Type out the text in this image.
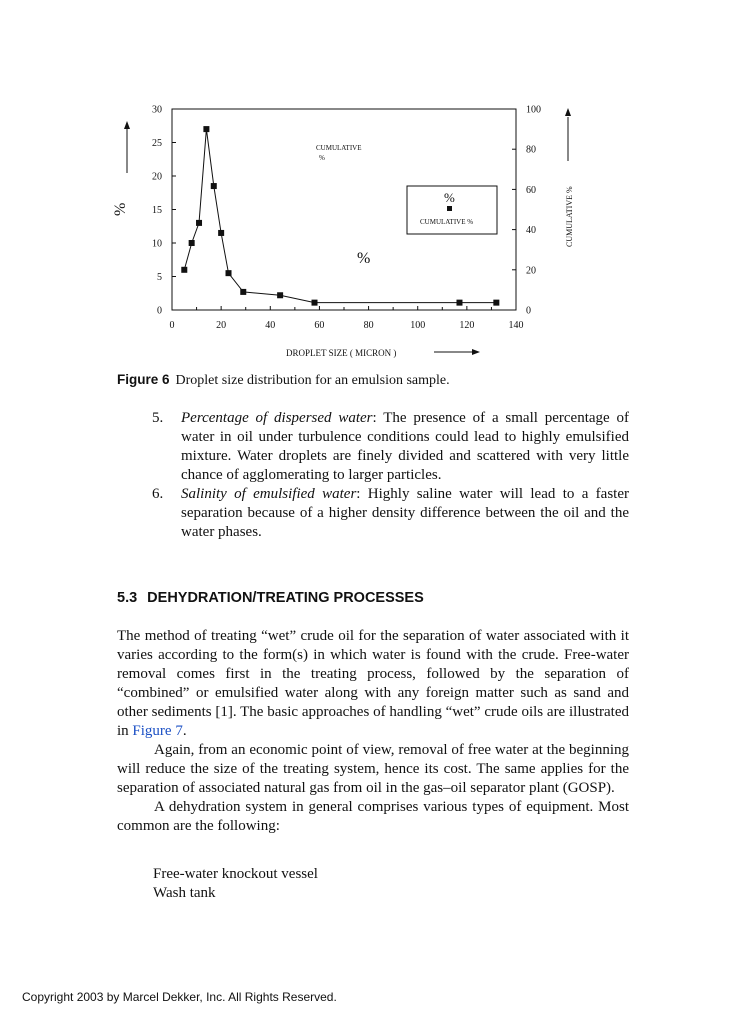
0	20	40	60	80	100	120	140
0
5
10
15
20
25
30
0
20
40
60
80
100
CUMULATIVE
%
%
%
CUMULATIVE %
%	CUMULATIVE %
DROPLET SIZE ( MICRON )
Figure 6 Droplet size distribution for an emulsion sample.
5. Percentage of dispersed water: The presence of a small percentage of water in oil under turbulence conditions could lead to highly emulsified mixture. Water droplets are finely divided and scattered with very little chance of agglomerating to larger particles.
6. Salinity of emulsified water: Highly saline water will lead to a faster separation because of a higher density difference between the oil and the water phases.
5.3 DEHYDRATION/TREATING PROCESSES

The method of treating “wet” crude oil for the separation of water associated with it varies according to the form(s) in which water is found with the crude. Free-water removal comes first in the treating process, followed by the separation of “combined” or emulsified water along with any foreign matter such as sand and other sediments [1]. The basic approaches of handling “wet” crude oils are illustrated in Figure 7.

Again, from an economic point of view, removal of free water at the beginning will reduce the size of the treating system, hence its cost. The same applies for the separation of associated natural gas from oil in the gas–oil separator plant (GOSP).

A dehydration system in general comprises various types of equipment. Most common are the following:

Free-water knockout vessel
Wash tank
Copyright 2003 by Marcel Dekker, Inc. All Rights Reserved.
